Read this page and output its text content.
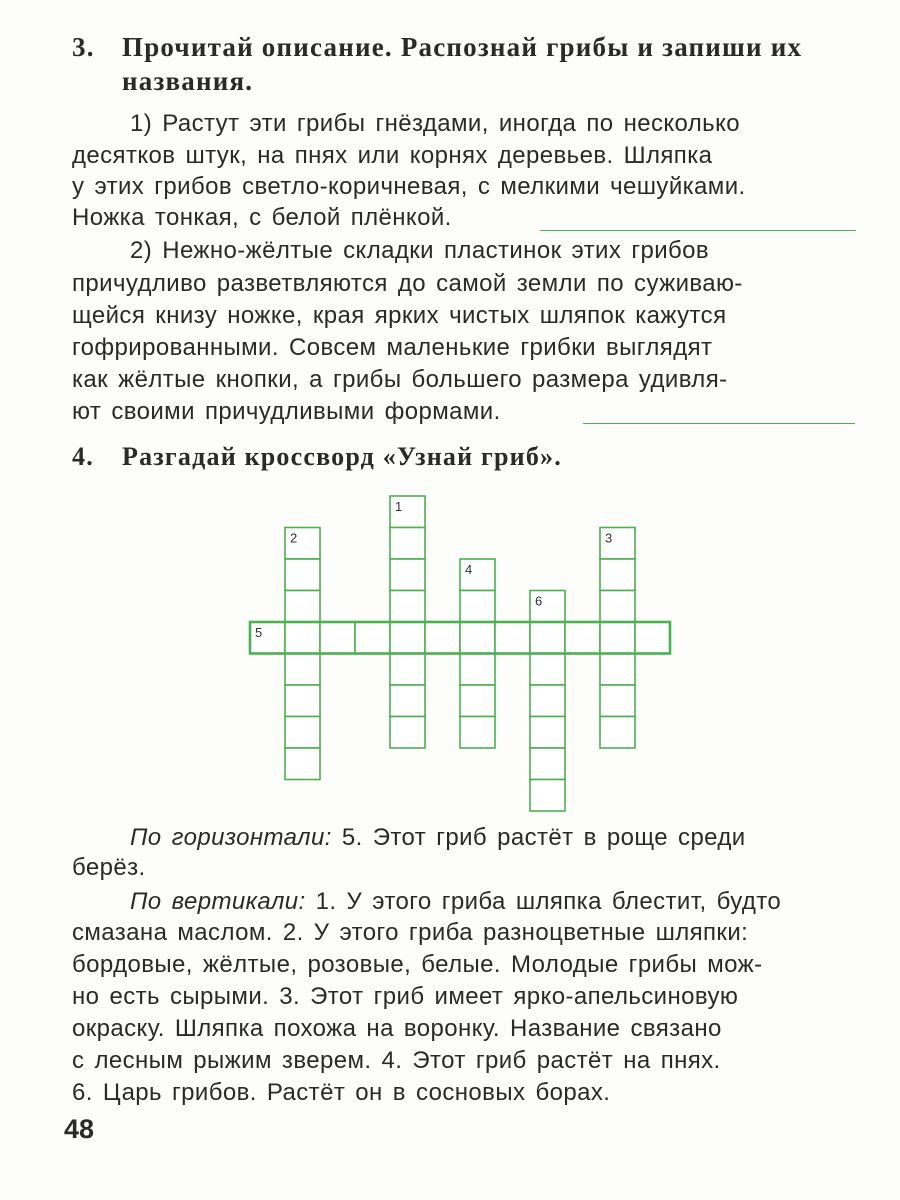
3. Прочитай описание. Распознай грибы и запиши их названия.
1) Растут эти грибы гнёздами, иногда по несколько
десятков штук, на пнях или корнях деревьев. Шляпка
у этих грибов светло-коричневая, с мелкими чешуйками.
Ножка тонкая, с белой плёнкой.
2) Нежно-жёлтые складки пластинок этих грибов
причудливо разветвляются до самой земли по суживаю-
щейся книзу ножке, края ярких чистых шляпок кажутся
гофрированными. Совсем маленькие грибки выглядят
как жёлтые кнопки, а грибы большего размера удивля-
ют своими причудливыми формами.
4. Разгадай кроссворд «Узнай гриб».
1
2	3
4
6
5
По горизонтали: 5. Этот гриб растёт в роще среди
берёз.
По вертикали: 1. У этого гриба шляпка блестит, будто
смазана маслом. 2. У этого гриба разноцветные шляпки:
бордовые, жёлтые, розовые, белые. Молодые грибы мож-
но есть сырыми. 3. Этот гриб имеет ярко-апельсиновую
окраску. Шляпка похожа на воронку. Название связано
с лесным рыжим зверем. 4. Этот гриб растёт на пнях.
6. Царь грибов. Растёт он в сосновых борах.
48
